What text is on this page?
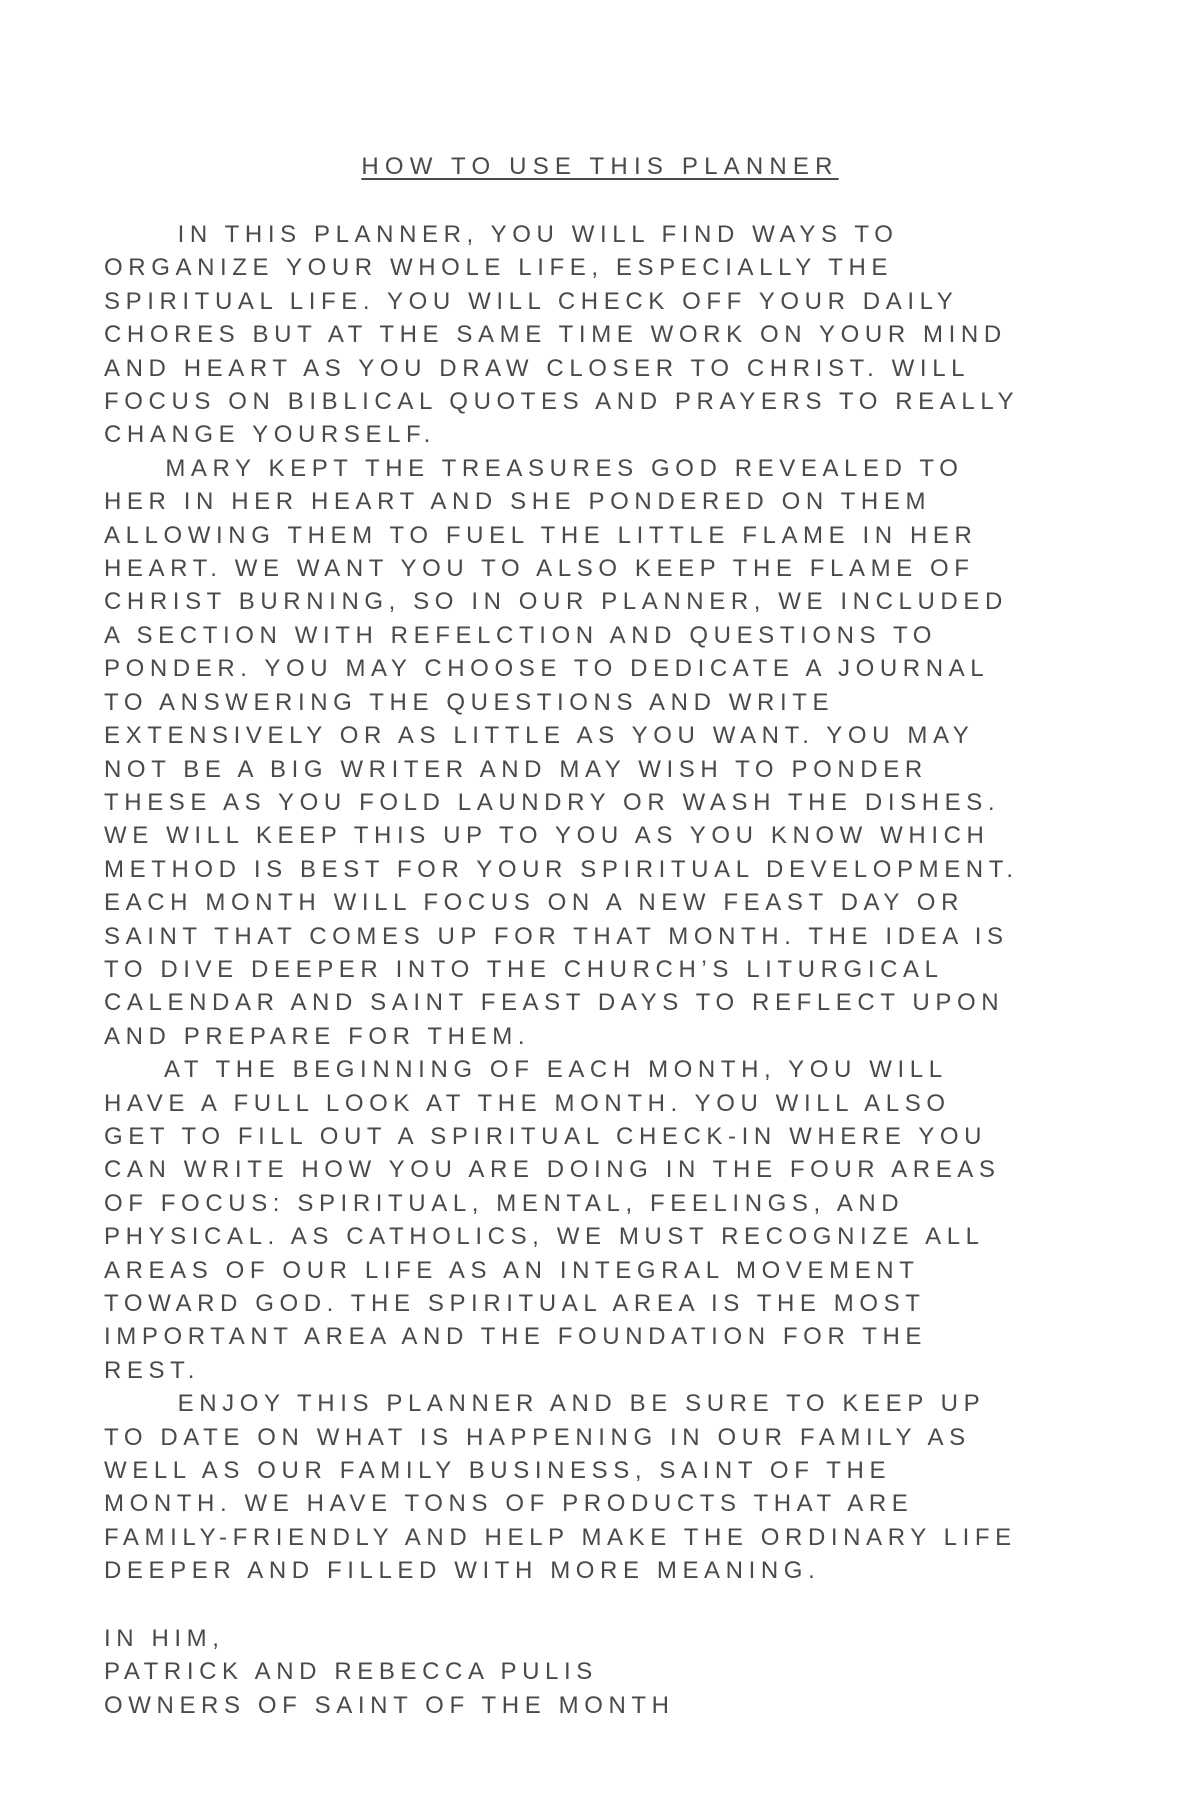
HOW TO USE THIS PLANNER
IN THIS PLANNER, YOU WILL FIND WAYS TO
ORGANIZE YOUR WHOLE LIFE, ESPECIALLY THE
SPIRITUAL LIFE. YOU WILL CHECK OFF YOUR DAILY
CHORES BUT AT THE SAME TIME WORK ON YOUR MIND
AND HEART AS YOU DRAW CLOSER TO CHRIST. WILL
FOCUS ON BIBLICAL QUOTES AND PRAYERS TO REALLY
CHANGE YOURSELF.
MARY KEPT THE TREASURES GOD REVEALED TO
HER IN HER HEART AND SHE PONDERED ON THEM
ALLOWING THEM TO FUEL THE LITTLE FLAME IN HER
HEART. WE WANT YOU TO ALSO KEEP THE FLAME OF
CHRIST BURNING, SO IN OUR PLANNER, WE INCLUDED
A SECTION WITH REFELCTION AND QUESTIONS TO
PONDER. YOU MAY CHOOSE TO DEDICATE A JOURNAL
TO ANSWERING THE QUESTIONS AND WRITE
EXTENSIVELY OR AS LITTLE AS YOU WANT. YOU MAY
NOT BE A BIG WRITER AND MAY WISH TO PONDER
THESE AS YOU FOLD LAUNDRY OR WASH THE DISHES.
WE WILL KEEP THIS UP TO YOU AS YOU KNOW WHICH
METHOD IS BEST FOR YOUR SPIRITUAL DEVELOPMENT.
EACH MONTH WILL FOCUS ON A NEW FEAST DAY OR
SAINT THAT COMES UP FOR THAT MONTH. THE IDEA IS
TO DIVE DEEPER INTO THE CHURCH’S LITURGICAL
CALENDAR AND SAINT FEAST DAYS TO REFLECT UPON
AND PREPARE FOR THEM.
AT THE BEGINNING OF EACH MONTH, YOU WILL
HAVE A FULL LOOK AT THE MONTH. YOU WILL ALSO
GET TO FILL OUT A SPIRITUAL CHECK-IN WHERE YOU
CAN WRITE HOW YOU ARE DOING IN THE FOUR AREAS
OF FOCUS: SPIRITUAL, MENTAL, FEELINGS, AND
PHYSICAL. AS CATHOLICS, WE MUST RECOGNIZE ALL
AREAS OF OUR LIFE AS AN INTEGRAL MOVEMENT
TOWARD GOD. THE SPIRITUAL AREA IS THE MOST
IMPORTANT AREA AND THE FOUNDATION FOR THE
REST.
ENJOY THIS PLANNER AND BE SURE TO KEEP UP
TO DATE ON WHAT IS HAPPENING IN OUR FAMILY AS
WELL AS OUR FAMILY BUSINESS, SAINT OF THE
MONTH. WE HAVE TONS OF PRODUCTS THAT ARE
FAMILY-FRIENDLY AND HELP MAKE THE ORDINARY LIFE
DEEPER AND FILLED WITH MORE MEANING.
IN HIM,
PATRICK AND REBECCA PULIS
OWNERS OF SAINT OF THE MONTH
